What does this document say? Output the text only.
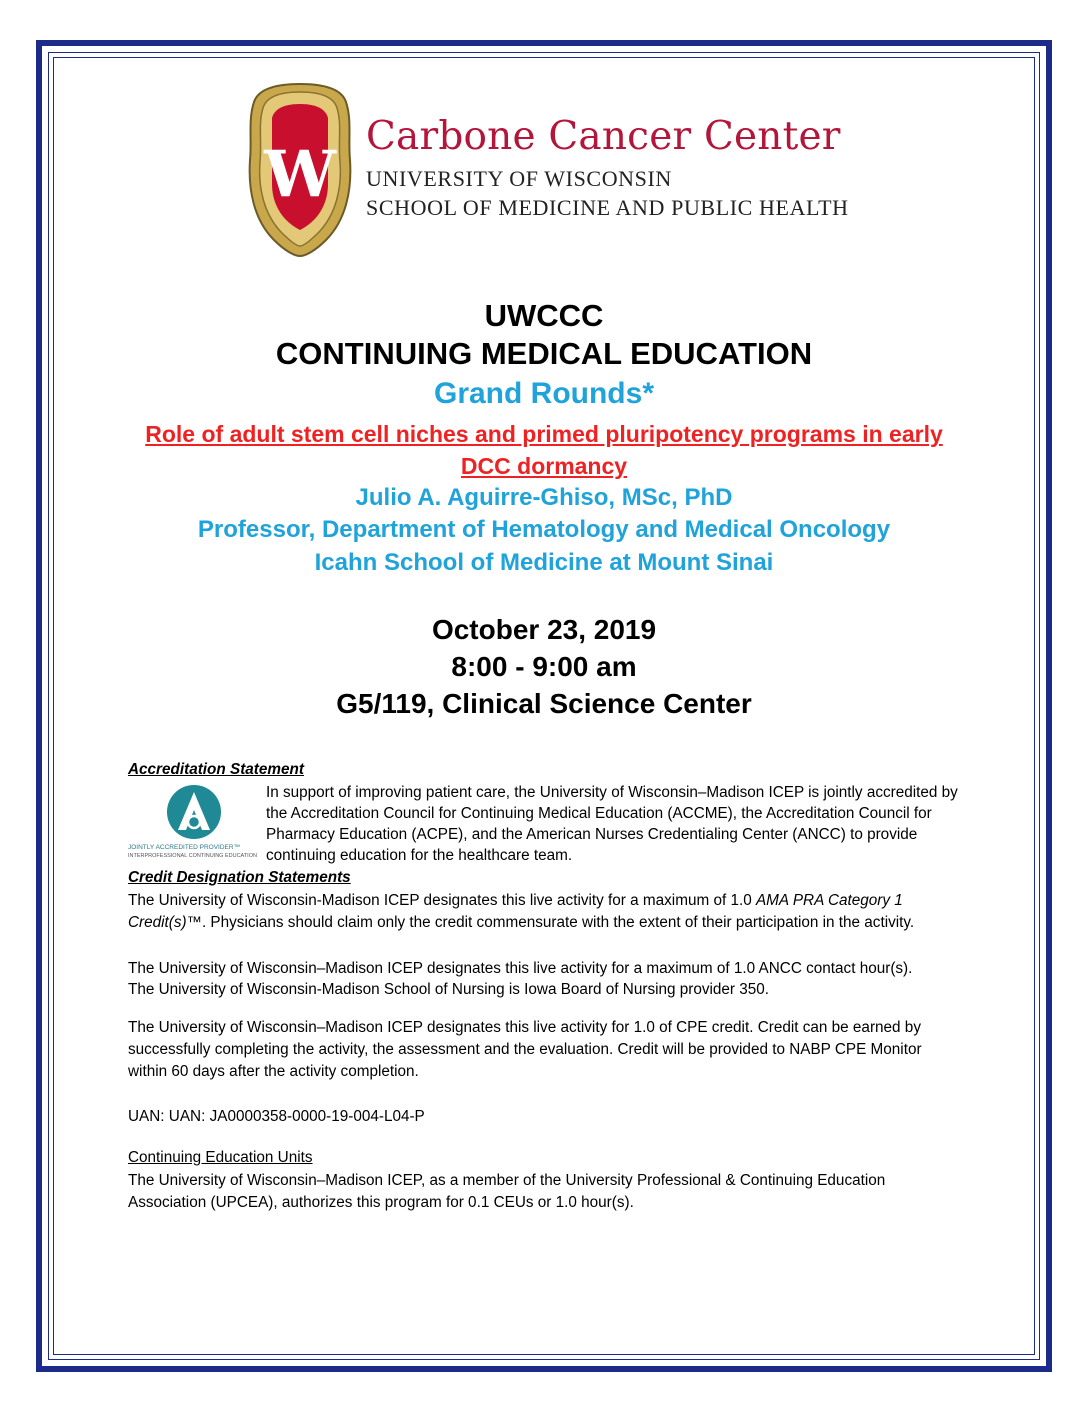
W

Carbone Cancer Center

UNIVERSITY OF WISCONSIN

SCHOOL OF MEDICINE AND PUBLIC HEALTH

UWCCC

CONTINUING MEDICAL EDUCATION

Grand Rounds*

Role of adult stem cell niches and primed pluripotency programs in early

DCC dormancy

Julio A. Aguirre-Ghiso, MSc, PhD

Professor, Department of Hematology and Medical Oncology

Icahn School of Medicine at Mount Sinai

October 23, 2019

8:00 - 9:00 am

G5/119, Clinical Science Center

Accreditation Statement

JOINTLY ACCREDITED PROVIDER™
INTERPROFESSIONAL CONTINUING EDUCATION

In support of improving patient care, the University of Wisconsin–Madison ICEP is jointly accredited by

the Accreditation Council for Continuing Medical Education (ACCME), the Accreditation Council for

Pharmacy Education (ACPE), and the American Nurses Credentialing Center (ANCC) to provide

continuing education for the healthcare team.

Credit Designation Statements

The University of Wisconsin-Madison ICEP designates this live activity for a maximum of 1.0 AMA PRA Category 1

Credit(s)™. Physicians should claim only the credit commensurate with the extent of their participation in the activity.

The University of Wisconsin–Madison ICEP designates this live activity for a maximum of 1.0 ANCC contact hour(s).

The University of Wisconsin-Madison School of Nursing is Iowa Board of Nursing provider 350.

The University of Wisconsin–Madison ICEP designates this live activity for 1.0 of CPE credit. Credit can be earned by

successfully completing the activity, the assessment and the evaluation. Credit will be provided to NABP CPE Monitor

within 60 days after the activity completion.

UAN: UAN: JA0000358-0000-19-004-L04-P

Continuing Education Units

The University of Wisconsin–Madison ICEP, as a member of the University Professional & Continuing Education

Association (UPCEA), authorizes this program for 0.1 CEUs or 1.0 hour(s).
